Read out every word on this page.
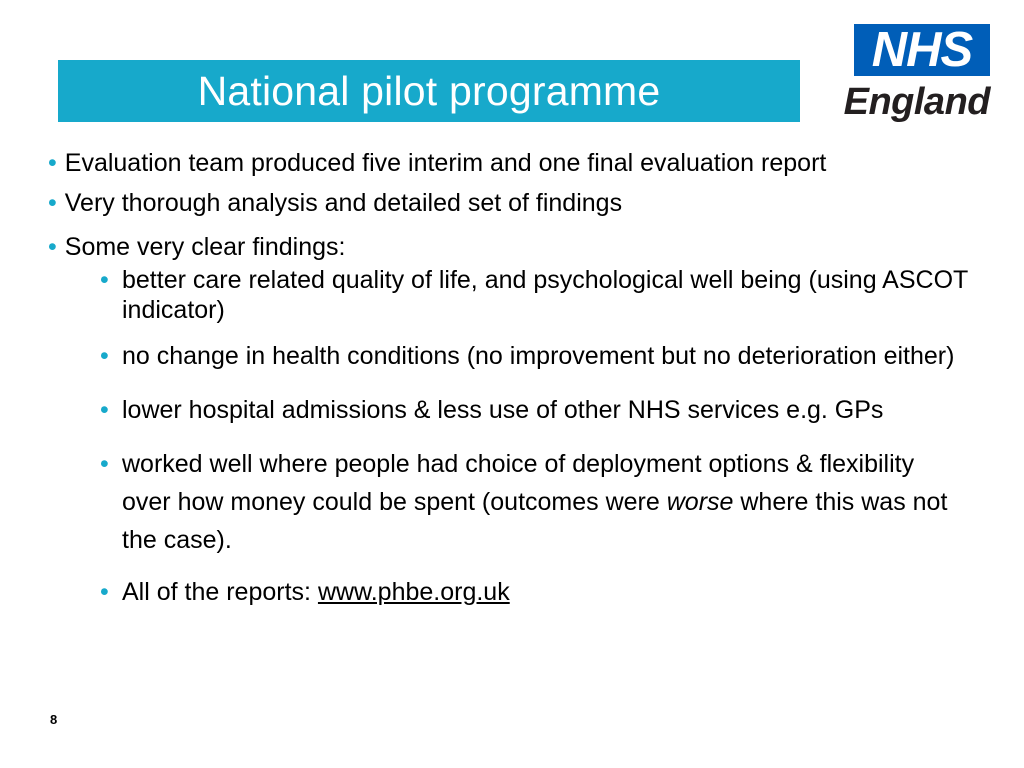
National pilot programme
NHS
England

• Evaluation team produced five interim and one final evaluation report

• Very thorough analysis and detailed set of findings

• Some very clear findings:

• better care related quality of life, and psychological well being (using ASCOT indicator)

• no change in health conditions (no improvement but no deterioration either)

• lower hospital admissions & less use of other NHS services e.g. GPs

• worked well where people had choice of deployment options & flexibility over how money could be spent (outcomes were worse where this was not the case).

• All of the reports: www.phbe.org.uk

8
